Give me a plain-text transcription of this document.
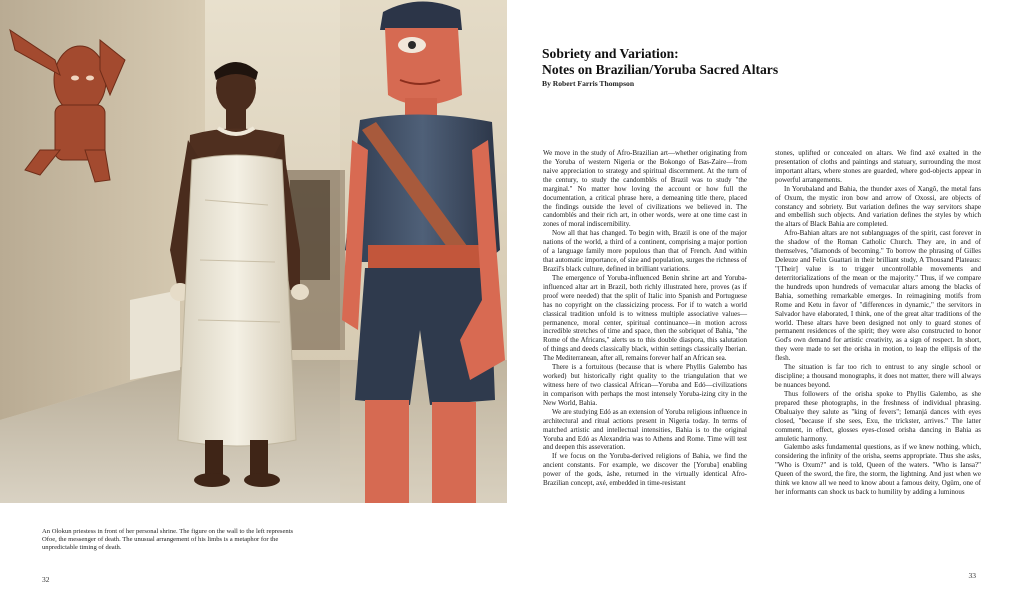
An Olokun priestess in front of her personal shrine. The figure on the wall to the left represents Ofoe, the messenger of death. The unusual arrangement of his limbs is a metaphor for the unpredictable timing of death.
32
Sobriety and Variation:
Notes on Brazilian/Yoruba Sacred Altars
By Robert Farris Thompson

We move in the study of Afro-Brazilian art—whether originating from the Yoruba of western Nigeria or the Bokongo of Bas-Zaire—from naive appreciation to strategy and spiritual discernment. At the turn of the century, to study the candomblés of Brazil was to study "the marginal." No matter how loving the account or how full the documentation, a critical phrase here, a demeaning title there, placed the findings outside the level of civilizations we believed in. The candomblés and their rich art, in other words, were at one time cast in zones of moral indiscernibility.

Now all that has changed. To begin with, Brazil is one of the major nations of the world, a third of a continent, comprising a major portion of a language family more populous than that of French. And within that automatic importance, of size and population, surges the richness of Brazil's black culture, defined in brilliant variations.

The emergence of Yoruba-influenced Benin shrine art and Yoruba-influenced altar art in Brazil, both richly illustrated here, proves (as if proof were needed) that the split of Italic into Spanish and Portuguese has no copyright on the classicizing process. For if to watch a world classical tradition unfold is to witness multiple associative values—permanence, moral center, spiritual continuance—in motion across incredible stretches of time and space, then the sobriquet of Bahia, "the Rome of the Africans," alerts us to this double diaspora, this salutation of things and deeds classically black, within settings classically Iberian. The Mediterranean, after all, remains forever half an African sea.

There is a fortuitous (because that is where Phyllis Galembo has worked) but historically right quality to the triangulation that we witness here of two classical African—Yoruba and Edó—civilizations in comparison with perhaps the most intensely Yoruba-izing city in the New World, Bahia.

We are studying Edó as an extension of Yoruba religious influence in architectural and ritual actions present in Nigeria today. In terms of matched artistic and intellectual intensities, Bahia is to the original Yoruba and Edó as Alexandria was to Athens and Rome. Time will test and deepen this asseveration.

If we focus on the Yoruba-derived religions of Bahia, we find the ancient constants. For example, we discover the [Yoruba] enabling power of the gods, àshe, returned in the virtually identical Afro-Brazilian concept, axé, embedded in time-resistant

stones, uplifted or concealed on altars. We find axé exalted in the presentation of cloths and paintings and statuary, surrounding the most important altars, where stones are guarded, where god-objects appear in powerful arrangements.

In Yorubaland and Bahia, the thunder axes of Xangô, the metal fans of Oxum, the mystic iron bow and arrow of Oxossi, are objects of constancy and sobriety. But variation defines the way servitors shape and embellish such objects. And variation defines the styles by which the altars of Black Bahia are completed.

Afro-Bahian altars are not sublanguages of the spirit, cast forever in the shadow of the Roman Catholic Church. They are, in and of themselves, "diamonds of becoming." To borrow the phrasing of Gilles Deleuze and Felix Guattari in their brilliant study, A Thousand Plateaus: "[Their] value is to trigger uncontrollable movements and deterritorializations of the mean or the majority." Thus, if we compare the hundreds upon hundreds of vernacular altars among the blacks of Bahia, something remarkable emerges. In reimagining motifs from Rome and Ketu in favor of "differences in dynamic," the servitors in Salvador have elaborated, I think, one of the great altar traditions of the world. These altars have been designed not only to guard stones of permanent residences of the spirit; they were also constructed to honor God's own demand for artistic creativity, as a sign of respect. In short, they were made to set the orisha in motion, to leap the ellipsis of the flesh.

The situation is far too rich to entrust to any single school or discipline; a thousand monographs, it does not matter, there will always be nuances beyond.

Thus followers of the orisha spoke to Phyllis Galembo, as she prepared these photographs, in the freshness of individual phrasing. Obaluaiye they salute as "king of fevers"; Iemanjá dances with eyes closed, "because if she sees, Exu, the trickster, arrives." The latter comment, in effect, glosses eyes-closed orisha dancing in Bahia as amuletic harmony.

Galembo asks fundamental questions, as if we knew nothing, which, considering the infinity of the orisha, seems appropriate. Thus she asks, "Who is Oxum?" and is told, Queen of the waters. "Who is Iansa?" Queen of the sword, the fire, the storm, the lightning. And just when we think we know all we need to know about a famous deity, Ogüm, one of her informants can shock us back to humility by adding a luminous

33
